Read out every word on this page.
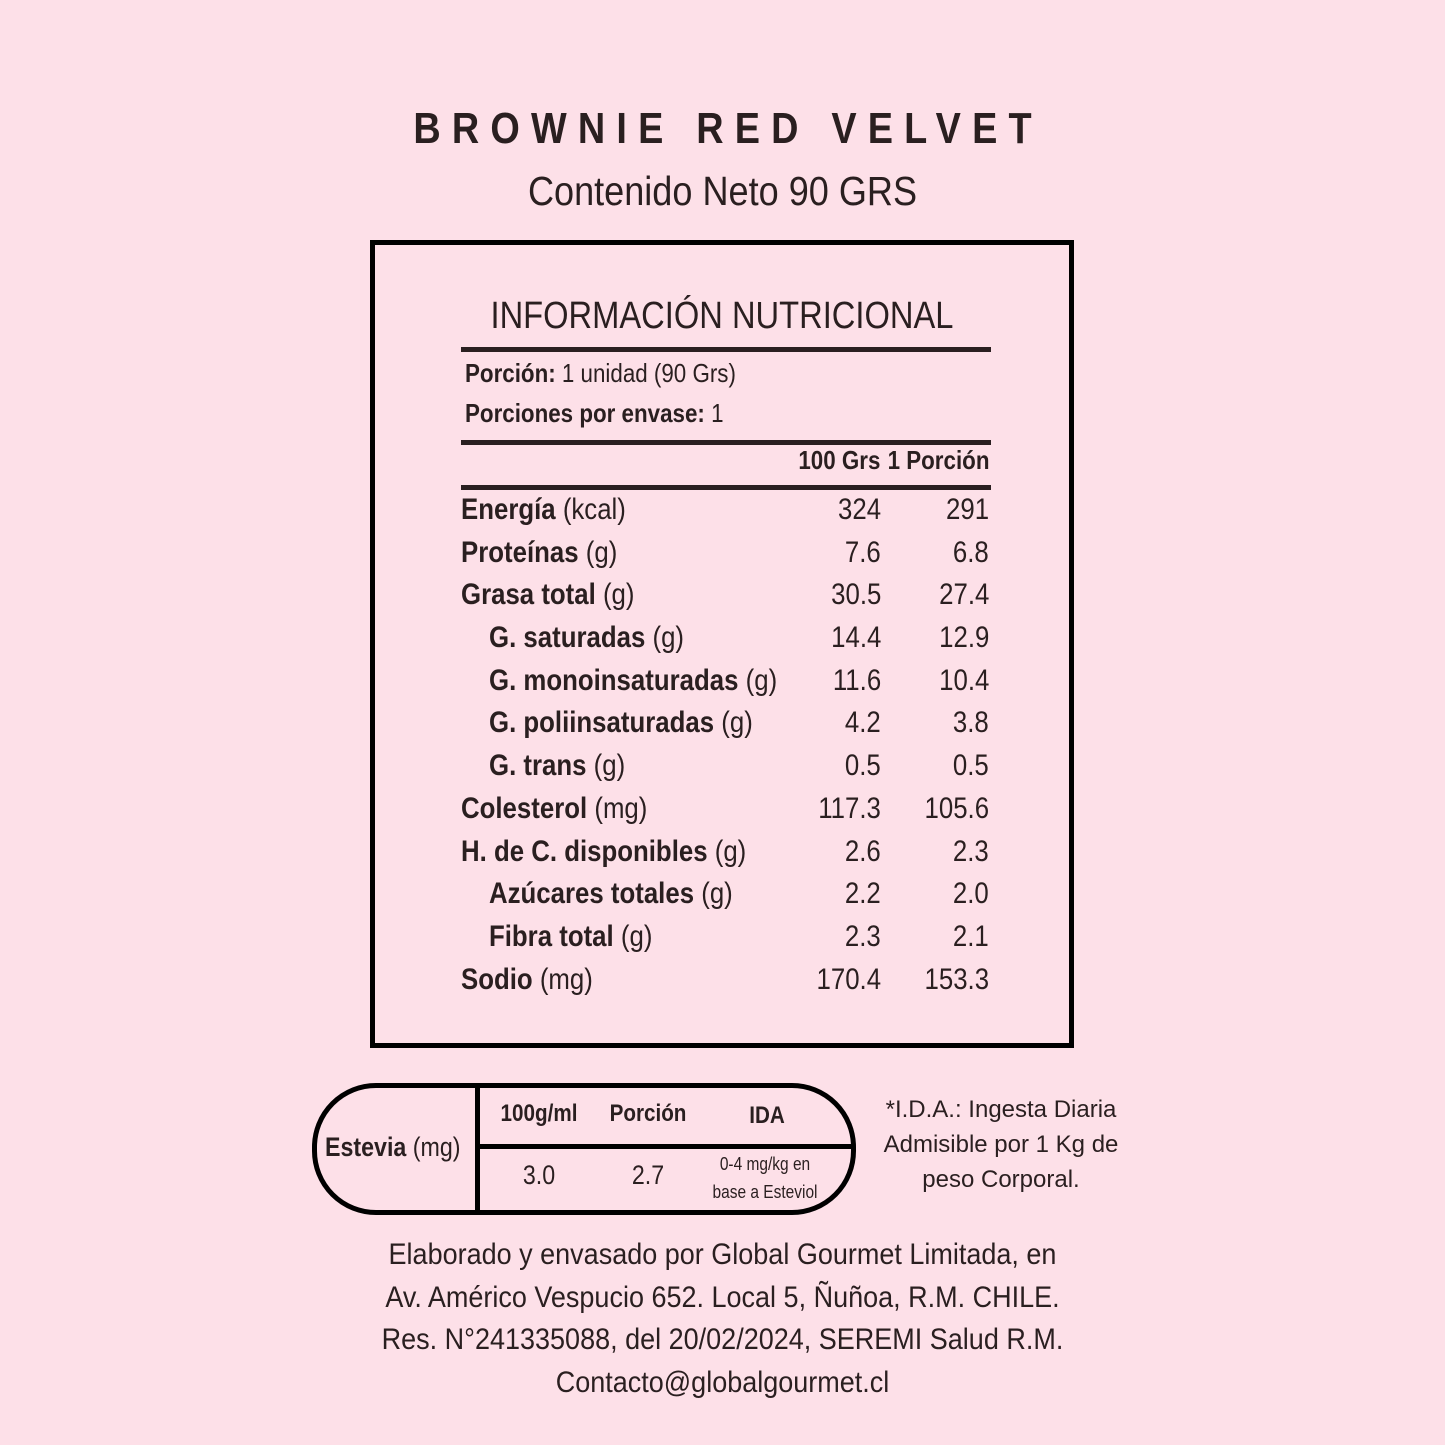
BROWNIE RED VELVET
Contenido Neto 90 GRS
INFORMACIÓN NUTRICIONAL
Porción: 1 unidad (90 Grs)
Porciones por envase: 1
100 Grs 1 Porción
Energía (kcal)	324 291
Proteínas (g)	7.6 6.8
Grasa total (g)	30.5 27.4
G. saturadas (g)	14.4 12.9
G. monoinsaturadas (g) 11.6 10.4
G. poliinsaturadas (g)	4.2 3.8
G. trans (g)	0.5 0.5
Colesterol (mg)	117.3 105.6
H. de C. disponibles (g)	2.6 2.3
Azúcares totales (g)	2.2 2.0
Fibra total (g)	2.3 2.1
Sodio (mg)	170.4 153.3
Estevia (mg)
100g/ml Porción	IDA
3.0	2.7	0-4 mg/kg en
base a Esteviol
*I.D.A.: Ingesta Diaria
Admisible por 1 Kg de
peso Corporal.
Elaborado y envasado por Global Gourmet Limitada, en
Av. Américo Vespucio 652. Local 5, Ñuñoa, R.M. CHILE.
Res. N°241335088, del 20/02/2024, SEREMI Salud R.M.
Contacto@globalgourmet.cl
